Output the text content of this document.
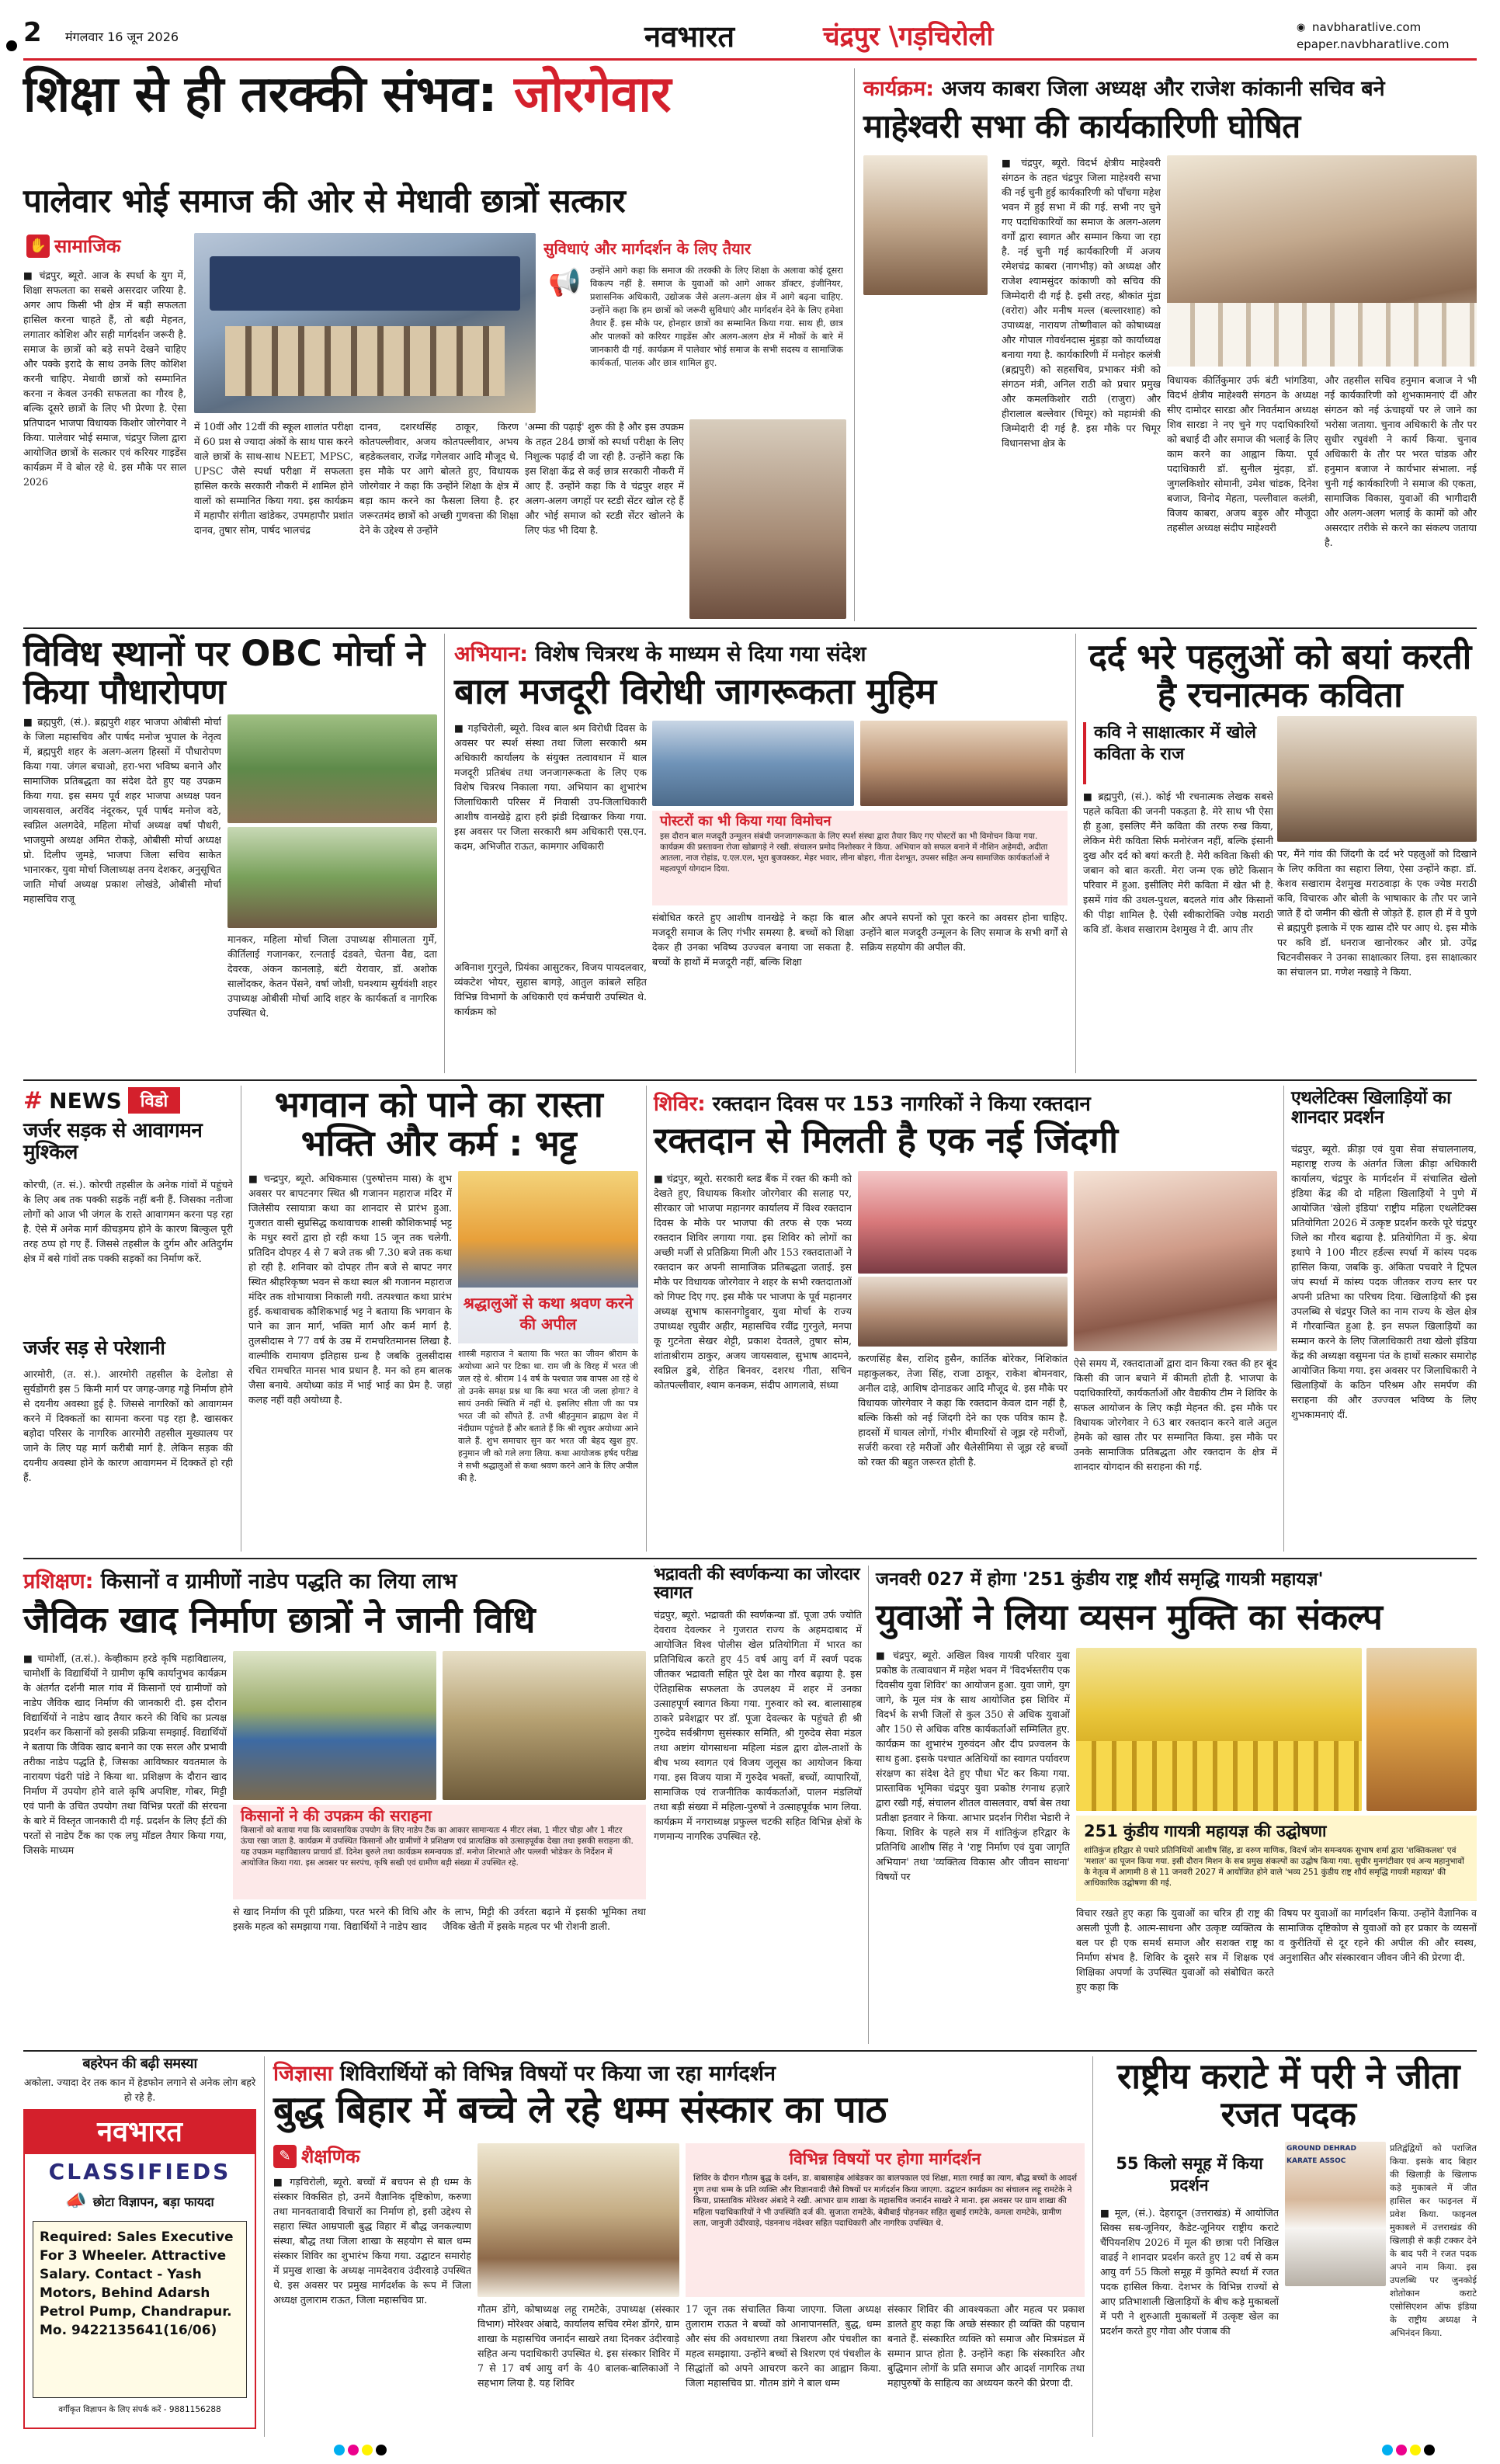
2 मंगलवार 16 जून 2026	नवभारत	चंद्रपुर \गड़चिरोली	◉ navbharatlive.com
epaper.navbharatlive.com
शिक्षा से ही तरक्की संभव: जोरगेवार
पालेवार भोई समाज की ओर से मेधावी छात्रों सत्कार
✋ सामाजिक
■ चंद्रपुर, ब्यूरो. आज के स्पर्धा के युग में, शिक्षा सफलता का सबसे असरदार जरिया है. अगर आप किसी भी क्षेत्र में बड़ी सफलता हासिल करना चाहते हैं, तो बढ़ी मेहनत, लगातार कोशिश और सही मार्गदर्शन जरूरी है. समाज के छात्रों को बड़े सपने देखने चाहिए और पक्के इरादे के साथ उनके लिए कोशिश करनी चाहिए. मेधावी छात्रों को सम्मानित करना न केवल उनकी सफलता का गौरव है, बल्कि दूसरे छात्रों के लिए भी प्रेरणा है. ऐसा प्रतिपादन भाजपा विधायक किशोर जोरगेवार ने किया. पालेवार भोई समाज, चंद्रपुर जिला द्वारा आयोजित छात्रों के सत्कार एवं करियर गाइडेंस कार्यक्रम में वे बोल रहे थे. इस मौके पर साल 2026
सुविधाएं और मार्गदर्शन के लिए तैयार
📢 उन्होंने आगे कहा कि समाज की तरक्की के लिए शिक्षा के अलावा कोई दूसरा विकल्प नहीं है. समाज के युवाओं को आगे आकर डॉक्टर, इंजीनियर, प्रशासनिक अधिकारी, उद्योजक जैसे अलग-अलग क्षेत्र में आगे बढ़ना चाहिए. उन्होंने कहा कि हम छात्रों को जरूरी सुविधाएं और मार्गदर्शन देने के लिए हमेशा तैयार हैं. इस मौके पर, होनहार छात्रों का सम्मानित किया गया. साथ ही, छात्र और पालकों को करियर गाइडेंस और अलग-अलग क्षेत्र में मौकों के बारे में जानकारी दी गई. कार्यक्रम में पालेवार भोई समाज के सभी सदस्य व सामाजिक कार्यकर्ता, पालक और छात्र शामिल हुए.
में 10वीं और 12वीं की स्कूल शालांत परीक्षा में 60 प्रश से ज्यादा अंकों के साथ पास करने वाले छात्रों के साथ-साथ NEET, MPSC, UPSC जैसे स्पर्धा परीक्षा में सफलता हासिल करके सरकारी नौकरी में शामिल होने वालों को सम्मानित किया गया. इस कार्यक्रम में महापौर संगीता खांडेकर, उपमहापौर प्रशांत दानव, तुषार सोम, पार्षद भालचंद्र
दानव, दशरथसिंह ठाकूर, किरण कोतपल्लीवार, अजय कोतपल्लीवार, अभय बहडेकलवार, राजेंद्र गगेलवार आदि मौजूद थे. इस मौके पर आगे बोलते हुए, विधायक जोरगेवार ने कहा कि उन्होंने शिक्षा के क्षेत्र में बड़ा काम करने का फैसला लिया है. हर जरूरतमंद छात्रों को अच्छी गुणवत्ता की शिक्षा देने के उद्देश्य से उन्होंने
'अम्मा की पढ़ाई' शुरू की है और इस उपक्रम के तहत 284 छात्रों को स्पर्धा परीक्षा के लिए निशुल्क पढ़ाई दी जा रही है. उन्होंने कहा कि इस शिक्षा केंद्र से कई छात्र सरकारी नौकरी में आए हैं. उन्होंने कहा कि वे चंद्रपुर शहर में अलग-अलग जगहों पर स्टडी सेंटर खोल रहे हैं और भोई समाज को स्टडी सेंटर खोलने के लिए फंड भी दिया है.
कार्यक्रम: अजय काबरा जिला अध्यक्ष और राजेश कांकानी सचिव बने
माहेश्वरी सभा की कार्यकारिणी घोषित
■ चंद्रपुर, ब्यूरो. विदर्भ क्षेत्रीय माहेश्वरी संगठन के तहत चंद्रपुर जिला माहेश्वरी सभा की नई चुनी हुई कार्यकारिणी को पाँचगा महेश भवन में हुई सभा में की गई. सभी नए चुने गए पदाधिकारियों का समाज के अलग-अलग वर्गों द्वारा स्वागत और सम्मान किया जा रहा है. नई चुनी गई कार्यकारिणी में अजय रमेशचंद्र काबरा (नागभीड़) को अध्यक्ष और राजेश श्यामसुंदर कांकाणी को सचिव की जिम्मेदारी दी गई है. इसी तरह, श्रीकांत मुंडा (वरोरा) और मनीष मल्ल (बल्लारशाह) को उपाध्यक्ष, नारायण तोष्णीवाल को कोषाध्यक्ष और गोपाल गोवर्धनदास मुंडड़ा को कार्याध्यक्ष बनाया गया है. कार्यकारिणी में मनोहर कलंत्री (ब्रह्मपुरी) को सहसचिव, प्रभाकर मंत्री को संगठन मंत्री, अनिल राठी को प्रचार प्रमुख और कमलकिशोर राठी (राजुरा) और हीरालाल बल्लेवार (चिमूर) को महामंत्री की जिम्मेदारी दी गई है. इस मौके पर चिमूर विधानसभा क्षेत्र के
विधायक कीर्तिकुमार उर्फ बंटी भांगडिया, विदर्भ क्षेत्रीय माहेश्वरी संगठन के अध्यक्ष सीए दामोदर सारडा और निवर्तमान अध्यक्ष शिव सारडा ने नए चुने गए पदाधिकारियों को बधाई दी और समाज की भलाई के लिए काम करने का आह्वान किया. पूर्व पदाधिकारी डॉ. सुनील मुंदड़ा, डॉ. जुगलकिशोर सोमानी, उमेश चांडक, दिनेश बजाज, विनोद मेहता, पल्लीवाल कलंत्री, विजय काबरा, अजय बड़ुरु और मौजूदा तहसील अध्यक्ष संदीप माहेश्वरी
और तहसील सचिव हनुमान बजाज ने भी नई कार्यकारिणी को शुभकामनाएं दीं और संगठन को नई ऊंचाइयों पर ले जाने का भरोसा जताया. चुनाव अधिकारी के तौर पर सुधीर रघुवंशी ने कार्य किया. चुनाव अधिकारी के तौर पर भरत चांडक और हनुमान बजाज ने कार्यभार संभाला. नई चुनी गई कार्यकारिणी ने समाज की एकता, सामाजिक विकास, युवाओं की भागीदारी और अलग-अलग भलाई के कामों को और असरदार तरीके से करने का संकल्प जताया है.
विविध स्थानों पर OBC मोर्चा ने किया पौधारोपण
■ ब्रह्मपुरी, (सं.). ब्रह्मपुरी शहर भाजपा ओबीसी मोर्चा के जिला महासचिव और पार्षद मनोज भुपाल के नेतृत्व में, ब्रह्मपुरी शहर के अलग-अलग हिस्सों में पौधारोपण किया गया. जंगल बचाओ, हरा-भरा भविष्य बनाने और सामाजिक प्रतिबद्धता का संदेश देते हुए यह उपक्रम किया गया. इस समय पूर्व शहर भाजपा अध्यक्ष पवन जायसवाल, अरविंद नंदूरकर, पूर्व पार्षद मनोज वठे, स्वप्निल अलगदेवे, महिला मोर्चा अध्यक्ष वर्षा पौधरी, भाजयुमो अध्यक्ष अमित रोकड़े, ओबीसी मोर्चा अध्यक्ष प्रो. दिलीप जुमड़े, भाजपा जिला सचिव साकेत भानारकर, युवा मोर्चा जिलाध्यक्ष तनय देशकर, अनुसूचित जाति मोर्चा अध्यक्ष प्रकाश लोखंडे, ओबीसी मोर्चा महासचिव राजू
मानकर, महिला मोर्चा जिला उपाध्यक्ष सीमालता गुर्मे, कीर्तिलाई गजानकर, रत्नताई दंडवते, चेतना वैद्य, दता देवरक, अंकन कानलाड़े, बंटी येरावार, डॉ. अशोक सालोंदकर, केतन पेंसने, वर्षा जोशी, घनश्याम सुर्यवंशी शहर उपाध्यक्ष ओबीसी मोर्चा आदि शहर के कार्यकर्ता व नागरिक उपस्थित थे.
अभियान: विशेष चित्ररथ के माध्यम से दिया गया संदेश
बाल मजदूरी विरोधी जागरूकता मुहिम
■ गड़चिरोली, ब्यूरो. विश्व बाल श्रम विरोधी दिवस के अवसर पर स्पर्श संस्था तथा जिला सरकारी श्रम अधिकारी कार्यालय के संयुक्त तत्वावधान में बाल मजदूरी प्रतिबंध तथा जनजागरूकता के लिए एक विशेष चित्ररथ निकाला गया. अभियान का शुभारंभ जिलाधिकारी परिसर में निवासी उप-जिलाधिकारी आशीष वानखेड़े द्वारा हरी झंडी दिखाकर किया गया. इस अवसर पर जिला सरकारी श्रम अधिकारी एस.एन. कदम, अभिजीत राऊत, कामगार अधिकारी
पोस्टरों का भी किया गया विमोचन
इस दौरान बाल मजदूरी उन्मूलन संबंधी जनजागरूकता के लिए स्पर्श संस्था द्वारा तैयार किए गए पोस्टरों का भी विमोचन किया गया. कार्यक्रम की प्रस्तावना रोजा खोब्रागड़े ने रखी. संचालन प्रमोद निशोस्कर ने किया. अभियान को सफल बनाने में नौशिन अहेमदी, अदीता आतला, नाज रोहांड, ए.एल.एल, भूरा बुजवस्कर, मेहर भवार, लीना बोहरा, गीता देशभूत, उपसर सहित अन्य सामाजिक कार्यकर्ताओं ने महत्वपूर्ण योगदान दिया.
अविनाश गुरनुले, प्रियंका आसुटकर, विजय पायदलवार, व्यंकटेश भोयर, सुहास बागड़े, आतुल कांबले सहित विभिन्न विभागों के अधिकारी एवं कर्मचारी उपस्थित थे. कार्यक्रम को
संबोधित करते हुए आशीष वानखेड़े ने कहा कि बाल मजदूरी समाज के लिए गंभीर समस्या है. बच्चों को शिक्षा देकर ही उनका भविष्य उज्ज्वल बनाया जा सकता है. बच्चों के हाथों में मजदूरी नहीं, बल्कि शिक्षा
और अपने सपनों को पूरा करने का अवसर होना चाहिए. उन्होंने बाल मजदूरी उन्मूलन के लिए समाज के सभी वर्गों से सक्रिय सहयोग की अपील की.
दर्द भरे पहलुओं को बयां करती है रचनात्मक कविता
कवि ने साक्षात्कार में खोले कविता के राज
■ ब्रह्मपुरी, (सं.). कोई भी रचनात्मक लेखक सबसे पहले कविता की जननी पकड़ता है. मेरे साथ भी ऐसा ही हुआ, इसलिए मैंने कविता की तरफ रुख किया, लेकिन मेरी कविता सिर्फ मनोरंजन नहीं, बल्कि इंसानी दुख और दर्द को बयां करती है. मेरी कविता किसी की जबान को बात करती. मेरा जन्म एक छोटे किसान परिवार में हुआ. इसीलिए मेरी कविता में खेत भी है. इसमें गांव की उथल-पुथल, बदलते गांव और किसानों की पीड़ा शामिल है. ऐसी स्वीकारोक्ति ज्येष्ठ मराठी कवि डॉ. केशव सखाराम देशमुख ने दी. आप तीर
पर, मैंने गांव की जिंदगी के दर्द भरे पहलुओं को दिखाने के लिए कविता का सहारा लिया, ऐसा उन्होंने कहा. डॉ. केशव सखाराम देशमुख मराठवाड़ा के एक ज्येष्ठ मराठी कवि, विचारक और बोली के भाषाकार के तौर पर जाने जाते हैं दो जमीन की खेती से जोड़ते हैं. हाल ही में वे पुणे से ब्रह्मपुरी इलाके में एक खास दौरे पर आए थे. इस मौके पर कवि डॉ. धनराज खानोरकर और प्रो. उपेंद्र चिटनवीसकर ने उनका साक्षात्कार लिया. इस साक्षात्कार का संचालन प्रा. गणेश नखाड़े ने किया.
# NEWS	विडो
जर्जर सड़क से आवागमन मुश्किल
कोरची, (त. सं.). कोरची तहसील के अनेक गांवों में पहुंचने के लिए अब तक पक्की सड़कें नहीं बनी हैं. जिसका नतीजा लोगों को आज भी जंगल के रास्ते आवागमन करना पड़ रहा है. ऐसे में अनेक मार्ग कीचड़मय होने के कारण बिल्कुल पूरी तरह ठप्प हो गए हैं. जिससे तहसील के दुर्गम और अतिदुर्गम क्षेत्र में बसे गांवों तक पक्की सड़कों का निर्माण करें.
जर्जर सड़ से परेशानी
आरमोरी, (त. सं.). आरमोरी तहसील के देलोडा से सुर्यडोंगरी इस 5 किमी मार्ग पर जगह-जगह गड्ढे निर्माण होने से दयनीय अवस्था हुई है. जिससे नागरिकों को आवागमन करने में दिक्कतों का सामना करना पड़ रहा है. खासकर बड़ोदा परिसर के नागरिक आरमोरी तहसील मुख्यालय पर जाने के लिए यह मार्ग करीबी मार्ग है. लेकिन सड़क की दयनीय अवस्था होने के कारण आवागमन में दिक्कतें हो रही हैं.
भगवान को पाने का रास्ता भक्ति और कर्म : भट्ट
■ चन्द्रपुर, ब्यूरो. अधिकमास (पुरुषोत्तम मास) के शुभ अवसर पर बापटनगर स्थित श्री गजानन महाराज मंदिर में जिलेसीय रसायात्रा कथा का शानदार से प्रारंभ हुआ. गुजरात वासी सुप्रसिद्ध कथावाचक शास्त्री कौशिकभाई भट्ट के मधुर स्वरों द्वारा हो रही कथा 15 जून तक चलेगी. प्रतिदिन दोपहर 4 से 7 बजे तक श्री 7.30 बजे तक कथा हो रही है. शनिवार को दोपहर तीन बजे से बापट नगर स्थित श्रीहरिकृष्ण भवन से कथा स्थल श्री गजानन महाराज मंदिर तक शोभायात्रा निकाली गयी. तत्पश्चात कथा प्रारंभ हुई. कथावाचक कौशिकभाई भट्ट ने बताया कि भगवान के पाने का ज्ञान मार्ग, भक्ति मार्ग और कर्म मार्ग है. तुलसीदास ने 77 वर्ष के उम्र में रामचरितमानस लिखा है. वाल्मीकि रामायण इतिहास ग्रन्थ है जबकि तुलसीदास रचित रामचरित मानस भाव प्रधान है. मन को हम बालक जैसा बनाये. अयोध्या कांड में भाई भाई का प्रेम है. जहां कलह नहीं वही अयोध्या है.
श्रद्धालुओं से कथा श्रवण करने की अपील
शास्त्री महाराज ने बताया कि भरत का जीवन श्रीराम के अयोध्या आने पर टिका था. राम जी के विरह में भरत जी जल रहे थे. श्रीराम 14 वर्ष के पश्चात जब वापस आ रहे थे तो उनके समक्ष प्रश्न था कि क्या भरत जी जला होगा? वे सायं उनकी स्थिति में नहीं थे. इसलिए सीता जी का पत्र भरत जी को सौंपते हैं. तभी श्रीहनुमान ब्राह्मण वेश में नंदीग्राम पहुंचते हैं और बताते हैं कि श्री रघुवर अयोध्या आने वाले हैं. शुभ समाचार सुन कर भरत जी बेहद खुश हुए. हनुमान जी को गले लगा लिया. कथा आयोजक हर्षद परीख़ ने सभी श्रद्धालुओं से कथा श्रवण करने आने के लिए अपील की है.
शिविर: रक्तदान दिवस पर 153 नागरिकों ने किया रक्तदान
रक्तदान से मिलती है एक नई जिंदगी
■ चंद्रपुर, ब्यूरो. सरकारी ब्लड बैंक में रक्त की कमी को देखते हुए, विधायक किशोर जोरगेवार की सलाह पर, सीरकार जो भाजपा महानगर कार्यालय में विश्व रक्तदान दिवस के मौके पर भाजपा की तरफ से एक भव्य रक्तदान शिविर लगाया गया. इस शिविर को लोगों का अच्छी मर्जी से प्रतिक्रिया मिली और 153 रक्तदाताओं ने रक्तदान कर अपनी सामाजिक प्रतिबद्धता जताई. इस मौके पर विधायक जोरगेवार ने शहर के सभी रक्तदाताओं को गिफ्ट दिए गए. इस मौके पर भाजपा के पूर्व महानगर अध्यक्ष सुभाष कासनगोट्टुवार, युवा मोर्चा के राज्य उपाध्यक्ष रघुवीर अहीर, महासचिव रवींद्र गुरनुले, मनपा कू गुटनेता सेखर शेट्टी, प्रकाश देवतले, तुषार सोम, शांताश्रीराम ठाकुर, अजय जायसवाल, सुभाष आदमने, स्वप्निल डुबे, रोहित बिनवर, दशरथ गीता, सचिन कोतपल्लीवार, श्याम कनकम, संदीप आगलावे, संध्या
करणसिंह बैस, राशिद हुसैन, कार्तिक बोरेकर, निशिकांत महाकुलकर, तेजा सिंह, राजा ठाकूर, राकेश बोमनवार, अनील दाड़े, आशिष दोनाडकर आदि मौजूद थे. इस मौके पर विधायक जोरगेवार ने कहा कि रक्तदान केवल दान नहीं है, बल्कि किसी को नई जिंदगी देने का एक पवित्र काम है. हादसों में घायल लोगों, गंभीर बीमारियों से जूझ रहे मरीजों, सर्जरी करवा रहे मरीजों और थैलेसीमिया से जूझ रहे बच्चों को रक्त की बहुत जरूरत होती है.
ऐसे समय में, रक्तदाताओं द्वारा दान किया रक्त की हर बूंद किसी की जान बचाने में कीमती होती है. भाजपा के पदाधिकारियों, कार्यकर्ताओं और वैद्यकीय टीम ने शिविर के सफल आयोजन के लिए कड़ी मेहनत की. इस मौके पर विधायक जोरगेवार ने 63 बार रक्तदान करने वाले अतुल हेमके को खास तौर पर सम्मानित किया. इस मौके पर उनके सामाजिक प्रतिबद्धता और रक्तदान के क्षेत्र में शानदार योगदान की सराहना की गई.
एथलेटिक्स खिलाड़ियों का शानदार प्रदर्शन
चंद्रपुर, ब्यूरो. क्रीड़ा एवं युवा सेवा संचालनालय, महाराष्ट्र राज्य के अंतर्गत जिला क्रीड़ा अधिकारी कार्यालय, चंद्रपुर के मार्गदर्शन में संचालित खेलो इंडिया केंद्र की दो महिला खिलाड़ियों ने पुणे में आयोजित 'खेलो इंडिया' राष्ट्रीय महिला एथलेटिक्स प्रतियोगिता 2026 में उत्कृष्ट प्रदर्शन करके पूरे चंद्रपुर जिले का गौरव बढ़ाया है. प्रतियोगिता में कु. श्रेया इथापे ने 100 मीटर हर्डल्स स्पर्धा में कांस्य पदक हासिल किया, जबकि कु. अंकिता पचवारे ने ट्रिपल जंप स्पर्धा में कांस्य पदक जीतकर राज्य स्तर पर अपनी प्रतिभा का परिचय दिया. खिलाड़ियों की इस उपलब्धि से चंद्रपुर जिले का नाम राज्य के खेल क्षेत्र में गौरवान्वित हुआ है. इन सफल खिलाड़ियों का सम्मान करने के लिए जिलाधिकारी तथा खेलो इंडिया केंद्र की अध्यक्षा वसुमना पंत के हाथों सत्कार समारोह आयोजित किया गया. इस अवसर पर जिलाधिकारी ने खिलाड़ियों के कठिन परिश्रम और समर्पण की सराहना की और उज्ज्वल भविष्य के लिए शुभकामनाएं दीं.
प्रशिक्षण: किसानों व ग्रामीणों नाडेप पद्धति का लिया लाभ
जैविक खाद निर्माण छात्रों ने जानी विधि
■ चामोर्शी, (त.सं.). केव्हीकाम हरडे कृषि महाविद्यालय, चामोर्शी के विद्यार्थियों ने ग्रामीण कृषि कार्यानुभव कार्यक्रम के अंतर्गत दर्शनी माल गांव में किसानों एवं ग्रामीणों को नाडेप जैविक खाद निर्माण की जानकारी दी. इस दौरान विद्यार्थियों ने नाडेप खाद तैयार करने की विधि का प्रत्यक्ष प्रदर्शन कर किसानों को इसकी प्रक्रिया समझाई. विद्यार्थियों ने बताया कि जैविक खाद बनाने का एक सरल और प्रभावी तरीका नाडेप पद्धति है, जिसका आविष्कार यवतमाल के नारायण पंढरी पांडे ने किया था. प्रशिक्षण के दौरान खाद निर्माण में उपयोग होने वाले कृषि अपशिष्ट, गोबर, मिट्टी एवं पानी के उचित उपयोग तथा विभिन्न परतों की संरचना के बारे में विस्तृत जानकारी दी गई. प्रदर्शन के लिए ईंटों की परतों से नाडेप टैंक का एक लघु मॉडल तैयार किया गया, जिसके माध्यम
किसानों ने की उपक्रम की सराहना
किसानों को बताया गया कि व्यावसायिक उपयोग के लिए नाडेप टैंक का आकार सामान्यतः 4 मीटर लंबा, 1 मीटर चौड़ा और 1 मीटर ऊंचा रखा जाता है. कार्यक्रम में उपस्थित किसानों और ग्रामीणों ने प्रशिक्षण एवं प्रात्यक्षिक को उत्साहपूर्वक देखा तथा इसकी सराहना की. यह उपक्रम महाविद्यालय प्राचार्य डॉ. दिनेश बुरुले तथा कार्यक्रम समन्वयक डॉ. मनोज शिरभाते और पल्लवी भोडेकर के निर्देशन में आयोजित किया गया. इस अवसर पर सरपंच, कृषि सखी एवं ग्रामीण बड़ी संख्या में उपस्थित रहे.
से खाद निर्माण की पूरी प्रक्रिया, परत भरने की विधि और इसके महत्व को समझाया गया. विद्यार्थियों ने नाडेप खाद
के लाभ, मिट्टी की उर्वरता बढ़ाने में इसकी भूमिका तथा जैविक खेती में इसके महत्व पर भी रोशनी डाली.
भद्रावती की स्वर्णकन्या का जोरदार स्वागत
चंद्रपुर, ब्यूरो. भद्रावती की स्वर्णकन्या डॉ. पूजा उर्फ ज्योति देवराव देवल्कर ने गुजरात राज्य के अहमदाबाद में आयोजित विश्व पोलीस खेल प्रतियोगिता में भारत का प्रतिनिधित्व करते हुए 45 वर्ष आयु वर्ग में स्वर्ण पदक जीतकर भद्रावती सहित पूरे देश का गौरव बढ़ाया है. इस ऐतिहासिक सफलता के उपलक्ष्य में शहर में उनका उत्साहपूर्ण स्वागत किया गया. गुरुवार को स्व. बालासाहब ठाकरे प्रवेशद्वार पर डॉ. पूजा देवल्कर के पहुंचते ही श्री गुरुदेव सर्वश्रीगण सुसंस्कार समिति, श्री गुरुदेव सेवा मंडल तथा अष्टांग योगसाधना महिला मंडल द्वारा ढोल-ताशों के बीच भव्य स्वागत एवं विजय जुलूस का आयोजन किया गया. इस विजय यात्रा में गुरुदेव भक्तों, बच्चों, व्यापारियों, सामाजिक एवं राजनीतिक कार्यकर्ताओं, पालन मंडलियों तथा बड़ी संख्या में महिला-पुरुषों ने उत्साहपूर्वक भाग लिया. कार्यक्रम में नगराध्यक्ष प्रफुल्ल चटकी सहित विभिन्न क्षेत्रों के गणमान्य नागरिक उपस्थित रहे.
जनवरी 027 में होगा '251 कुंडीय राष्ट्र शौर्य समृद्धि गायत्री महायज्ञ'
युवाओं ने लिया व्यसन मुक्ति का संकल्प
■ चंद्रपुर, ब्यूरो. अखिल विश्व गायत्री परिवार युवा प्रकोष्ठ के तत्वावधान में महेश भवन में 'विदर्भस्तरीय एक दिवसीय युवा शिविर' का आयोजन हुआ. युवा जागे, युग जागे, के मूल मंत्र के साथ आयोजित इस शिविर में विदर्भ के सभी जिलों से कुल 350 से अधिक युवाओं और 150 से अधिक वरिष्ठ कार्यकर्ताओं सम्मिलित हुए. कार्यक्रम का शुभारंभ गुरुवंदन और दीप प्रज्वलन के साथ हुआ. इसके पश्चात अतिथियों का स्वागत पर्यावरण संरक्षण का संदेश देते हुए पौधा भेंट कर किया गया. प्रास्ताविक भूमिका चंद्रपुर युवा प्रकोष्ठ रंगनाथ हज़ारे द्वारा रखी गई, संचालन शीतल वासलवार, वर्षा बेस तथा प्रतीक्षा इतवार ने किया. आभार प्रदर्शन गिरीश भेडारी ने किया. शिविर के पहले सत्र में शांतिकुंज हरिद्वार के प्रतिनिधि आशीष सिंह ने 'राष्ट्र निर्माण एवं युवा जागृति अभियान' तथा 'व्यक्तित्व विकास और जीवन साधना' विषयों पर
251 कुंडीय गायत्री महायज्ञ की उद्घोषणा
शांतिकुंज हरिद्वार से पधारे प्रतिनिधियों आशीष सिंह, डा वरुण माणिक, विदर्भ जोन समन्वयक सुभाष शर्मा द्वारा 'शक्तिकलश' एवं 'मशाल' का पूजन किया गया. इसी दौरान मिशन के सब प्रमुख संकल्पों का उद्घोष किया गया. सुधीर मुनगंटीवार एवं अन्य महानुभावों के नेतृत्व में आगामी 8 से 11 जनवरी 2027 में आयोजित होने वाले 'भव्य 251 कुंडीय राष्ट्र शौर्य समृद्धि गायत्री महायज्ञ' की आधिकारिक उद्घोषणा की गई.
विचार रखते हुए कहा कि युवाओं का चरित्र ही राष्ट्र की असली पूंजी है. आत्म-साधना और उत्कृष्ट व्यक्तित्व के बल पर ही एक समर्थ समाज और सशक्त राष्ट्र का निर्माण संभव है. शिविर के दूसरे सत्र में शिक्षक एवं शिक्षिका अपर्णा के उपस्थित युवाओं को संबोधित करते हुए कहा कि
विषय पर युवाओं का मार्गदर्शन किया. उन्होंने वैज्ञानिक व सामाजिक दृष्टिकोण से युवाओं को हर प्रकार के व्यसनों व कुरीतियों से दूर रहने की अपील की और स्वस्थ, अनुशासित और संस्कारवान जीवन जीने की प्रेरणा दी.
बहरेपन की बढ़ी समस्या
अकोला. ज्यादा देर तक कान में हेडफोन लगाने से अनेक लोग बहरे हो रहे है.
नवभारत
CLASSIFIEDS
📣 छोटा विज्ञापन, बड़ा फायदा
Required: Sales Executive For 3 Wheeler. Attractive Salary. Contact - Yash Motors, Behind Adarsh Petrol Pump, Chandrapur. Mo. 9422135641(16/06)
वर्गीकृत विज्ञापन के लिए संपर्क करें - 9881156288
जिज्ञासा शिविरार्थियों को विभिन्न विषयों पर किया जा रहा मार्गदर्शन
बुद्ध बिहार में बच्चे ले रहे धम्म संस्कार का पाठ
✎ शैक्षणिक
■ गड़चिरोली, ब्यूरो. बच्चों में बचपन से ही धम्म के संस्कार विकसित हो, उनमें वैज्ञानिक दृष्टिकोण, करुणा तथा मानवतावादी विचारों का निर्माण हो, इसी उद्देश्य से सहारा स्थित आम्रपाली बुद्ध विहार में बौद्ध जनकल्याण संस्था, बौद्ध तथा जिला शाखा के सहयोग से बाल धम्म संस्कार शिविर का शुभारंभ किया गया. उद्घाटन समारोह में प्रमुख शाखा के अध्यक्ष नामदेवराव उंदीरवाड़े उपस्थित थे. इस अवसर पर प्रमुख मार्गदर्शक के रूप में जिला अध्यक्ष तुलाराम राऊत, जिला महासचिव प्रा.
विभिन्न विषयों पर होगा मार्गदर्शन
शिविर के दौरान गौतम बुद्ध के दर्शन, डा. बाबासाहेब आंबेडकर का बालपकाल एवं शिक्षा, माता रमाई का त्याग, बौद्ध बच्चों के आदर्श गुण तथा धम्म के प्रति व्यक्ति और विज्ञानवादी जैसे विषयों पर मार्गदर्शन किया जाएगा. उद्घाटन कार्यक्रम का संचालन लहू रामटेके ने किया, प्रास्ताविक मोरेश्वर अंबादे ने रखी. आभार ग्राम शाखा के महासचिव जनार्दन साखरे ने माना. इस अवसर पर ग्राम शाखा की महिला पदाधिकारियों ने भी उपस्थिति दर्ज की. सुजाता रामटेके, बेबीबाई पोहनकर सहित सुबाई रामटेके, कमला रामटेके, ग्रामीण लता, जानुजी उंदीरवाड़े, पंडननाथ नंदेश्वर सहित पदाधिकारी और नागरिक उपस्थित थे.
गौतम डोंगे, कोषाध्यक्ष लहू रामटेके, उपाध्यक्ष (संस्कार विभाग) मोरेश्वर अंबादे, कार्यालय सचिव रमेश डोंगरे, ग्राम शाखा के महासचिव जनार्दन साखरे तथा दिनकर उंदीरवाड़े सहित अन्य पदाधिकारी उपस्थित थे. इस संस्कार शिविर में 7 से 17 वर्ष आयु वर्ग के 40 बालक-बालिकाओं ने सहभाग लिया है. यह शिविर
17 जून तक संचालित किया जाएगा. जिला अध्यक्ष तुलाराम राऊत ने बच्चों को आनापानसति, बुद्ध, धम्म और संघ की अवधारणा तथा त्रिशरण और पंचशील का महत्व समझाया. उन्होंने बच्चों से त्रिशरण एवं पंचशील के सिद्धांतों को अपने आचरण करने का आह्वान किया. जिला महासचिव प्रा. गौतम डांगे ने बाल धम्म
संस्कार शिविर की आवश्यकता और महत्व पर प्रकाश डालते हुए कहा कि अच्छे संस्कार ही व्यक्ति की पहचान बनाते हैं. संस्कारित व्यक्ति को समाज और मित्रमंडल में सम्मान प्राप्त होता है. उन्होंने कहा कि संस्कारित और बुद्धिमान लोगों के प्रति समाज और आदर्श नागरिक तथा महापुरुषों के साहित्य का अध्ययन करने की प्रेरणा दी.
राष्ट्रीय कराटे में परी ने जीता रजत पदक
55 किलो समूह में किया प्रदर्शन
GROUND DEHRAD
KARATE ASSOC
■ मूल, (सं.). देहरादून (उत्तराखंड) में आयोजित सिक्स सब-जूनियर, कैडेट-जूनियर राष्ट्रीय कराटे चैंपियनशिप 2026 में मूल की छात्रा परी निखिल वाढई ने शानदार प्रदर्शन करते हुए 12 वर्ष से कम आयु वर्ग 55 किलो समूह में कुमिते स्पर्धा में रजत पदक हासिल किया. देशभर के विभिन्न राज्यों से आए प्रतिभाशाली खिलाड़ियों के बीच कड़े मुकाबलों में परी ने शुरुआती मुकाबलों में उत्कृष्ट खेल का प्रदर्शन करते हुए गोवा और पंजाब की
प्रतिद्वंद्वियों को पराजित किया. इसके बाद बिहार की खिलाड़ी के खिलाफ कड़े मुकाबले में जीत हासिल कर फाइनल में प्रवेश किया. फाइनल मुकाबले में उत्तराखंड की खिलाड़ी से कड़ी टक्कर देने के बाद परी ने रजत पदक अपने नाम किया. इस उपलब्धि पर जुनकोई शोतोकान कराटे एसोसिएशन ऑफ इंडिया के राष्ट्रीय अध्यक्ष ने अभिनंदन किया.
